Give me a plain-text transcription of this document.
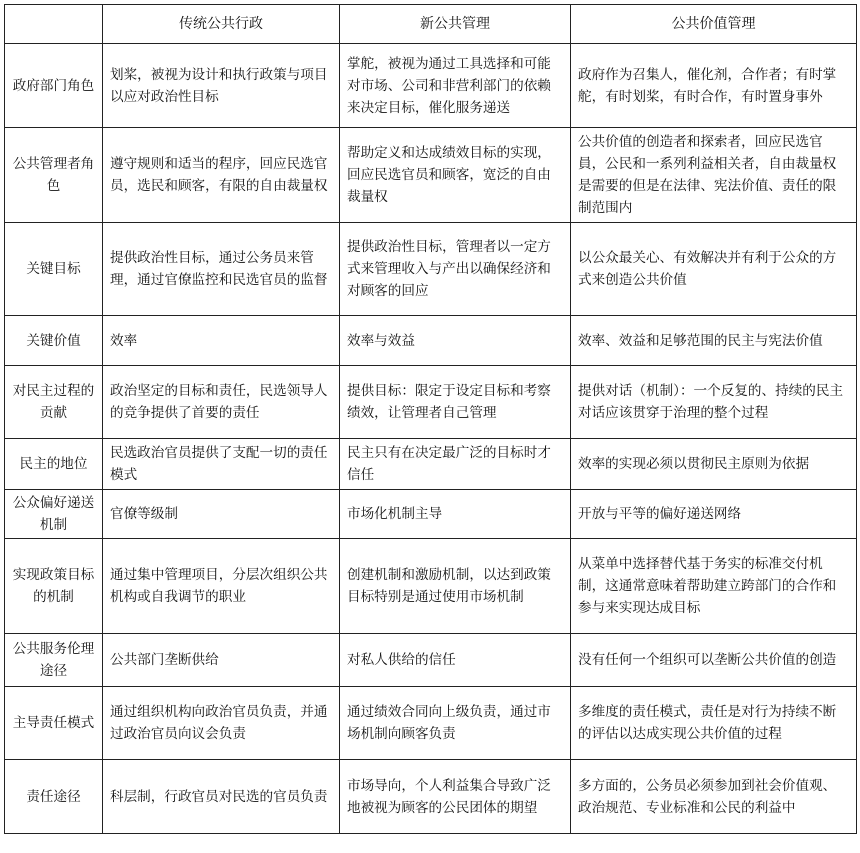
	传统公共行政	新公共管理	公共价值管理
政府部门角色	划桨，被视为设计和执行政策与项目以应对政治性目标	掌舵，被视为通过工具选择和可能对市场、公司和非营利部门的依赖来决定目标，催化服务递送	政府作为召集人，催化剂，合作者；有时掌舵，有时划桨，有时合作，有时置身事外
公共管理者角色	遵守规则和适当的程序，回应民选官员，选民和顾客，有限的自由裁量权	帮助定义和达成绩效目标的实现，回应民选官员和顾客，宽泛的自由裁量权	公共价值的创造者和探索者，回应民选官員，公民和一系列利益相关者，自由裁量权是需要的但是在法律、宪法价值、责任的限制范围内
关键目标	提供政治性目标，通过公务员来管理，通过官僚监控和民选官员的监督	提供政治性目标，管理者以一定方式来管理收入与产出以确保经济和对顾客的回应	以公众最关心、有效解决并有利于公众的方式来创造公共价值
关键价值	效率	效率与效益	效率、效益和足够范围的民主与宪法价值
对民主过程的贡献	政治坚定的目标和责任，民选领导人的竞争提供了首要的责任	提供目标：限定于设定目标和考察绩效，让管理者自己管理	提供对话（机制）：一个反复的、持续的民主对话应该贯穿于治理的整个过程
民主的地位	民选政治官员提供了支配一切的责任模式	民主只有在决定最广泛的目标时才信任	效率的实现必须以贯彻民主原则为依据
公众偏好递送机制	官僚等级制	市场化机制主导	开放与平等的偏好递送网络
实现政策目标的机制	通过集中管理项目，分层次组织公共机构或自我调节的职业	创建机制和激励机制，以达到政策目标特别是通过使用市场机制	从菜单中选择替代基于务实的标准交付机制，这通常意味着帮助建立跨部门的合作和参与来实现达成目标
公共服务伦理途径	公共部门垄断供给	对私人供给的信任	没有任何一个组织可以垄断公共价值的创造
主导责任模式	通过组织机构向政治官员负责，并通过政治官员向议会负责	通过绩效合同向上级负责，通过市场机制向顾客负责	多维度的责任模式，责任是对行为持续不断的评估以达成实现公共价值的过程
责任途径	科层制，行政官员对民选的官员负责	市场导向，个人利益集合导致广泛地被视为顾客的公民团体的期望	多方面的，公务员必须参加到社会价值观、政治规范、专业标准和公民的利益中
